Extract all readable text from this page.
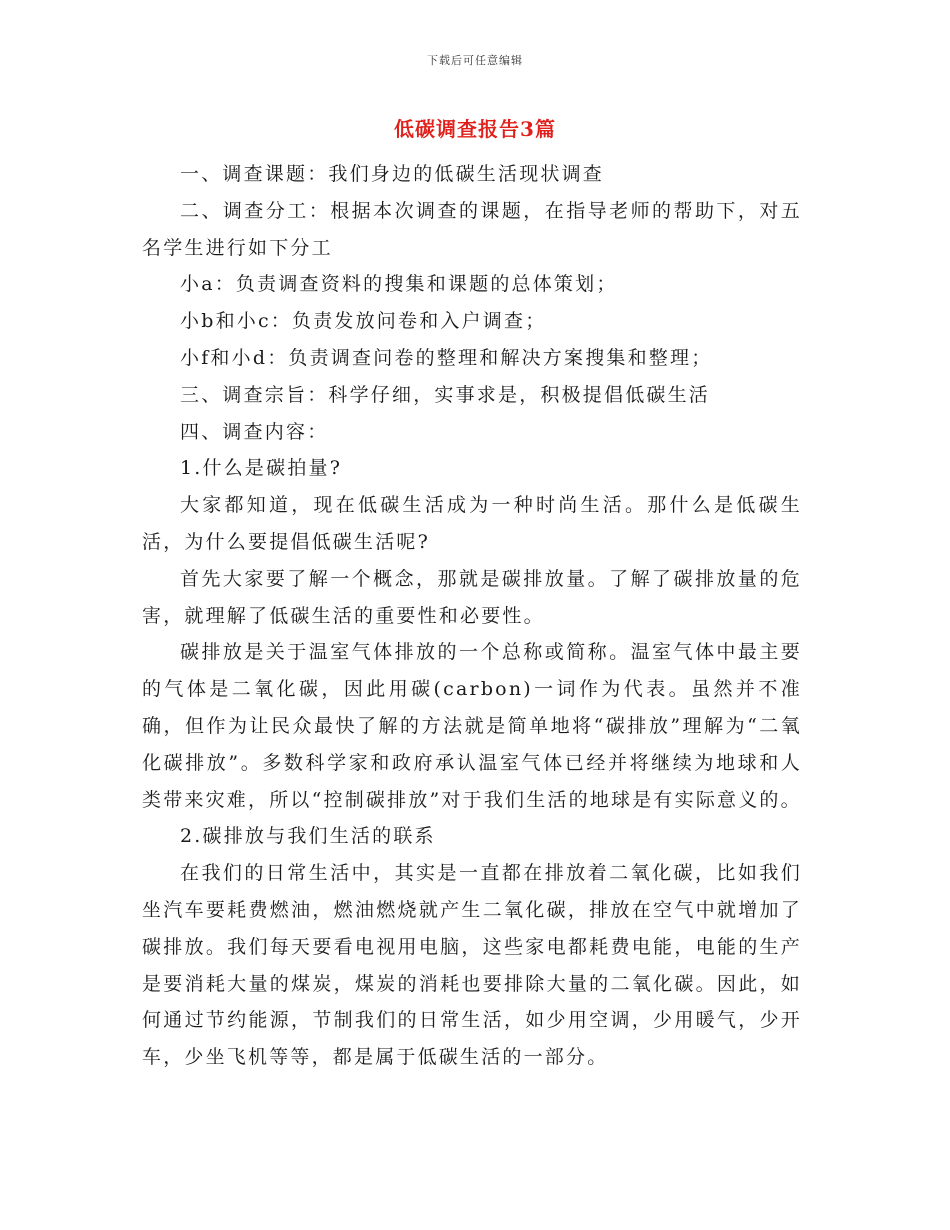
下载后可任意编辑
低碳调查报告3篇

一、调查课题：我们身边的低碳生活现状调查

二、调查分工：根据本次调查的课题，在指导老师的帮助下，对五名学生进行如下分工

小a：负责调查资料的搜集和课题的总体策划；

小b和小c：负责发放问卷和入户调查；

小f和小d：负责调查问卷的整理和解决方案搜集和整理；

三、调查宗旨：科学仔细，实事求是，积极提倡低碳生活

四、调查内容：

1.什么是碳拍量?

大家都知道，现在低碳生活成为一种时尚生活。那什么是低碳生活，为什么要提倡低碳生活呢?

首先大家要了解一个概念，那就是碳排放量。了解了碳排放量的危害，就理解了低碳生活的重要性和必要性。

碳排放是关于温室气体排放的一个总称或简称。温室气体中最主要的气体是二氧化碳，因此用碳(carbon)一词作为代表。虽然并不准确，但作为让民众最快了解的方法就是简单地将“碳排放”理解为“二氧化碳排放”。多数科学家和政府承认温室气体已经并将继续为地球和人类带来灾难，所以“控制碳排放”对于我们生活的地球是有实际意义的。

2.碳排放与我们生活的联系

在我们的日常生活中，其实是一直都在排放着二氧化碳，比如我们坐汽车要耗费燃油，燃油燃烧就产生二氧化碳，排放在空气中就增加了碳排放。我们每天要看电视用电脑，这些家电都耗费电能，电能的生产是要消耗大量的煤炭，煤炭的消耗也要排除大量的二氧化碳。因此，如何通过节约能源，节制我们的日常生活，如少用空调，少用暖气，少开车，少坐飞机等等，都是属于低碳生活的一部分。
